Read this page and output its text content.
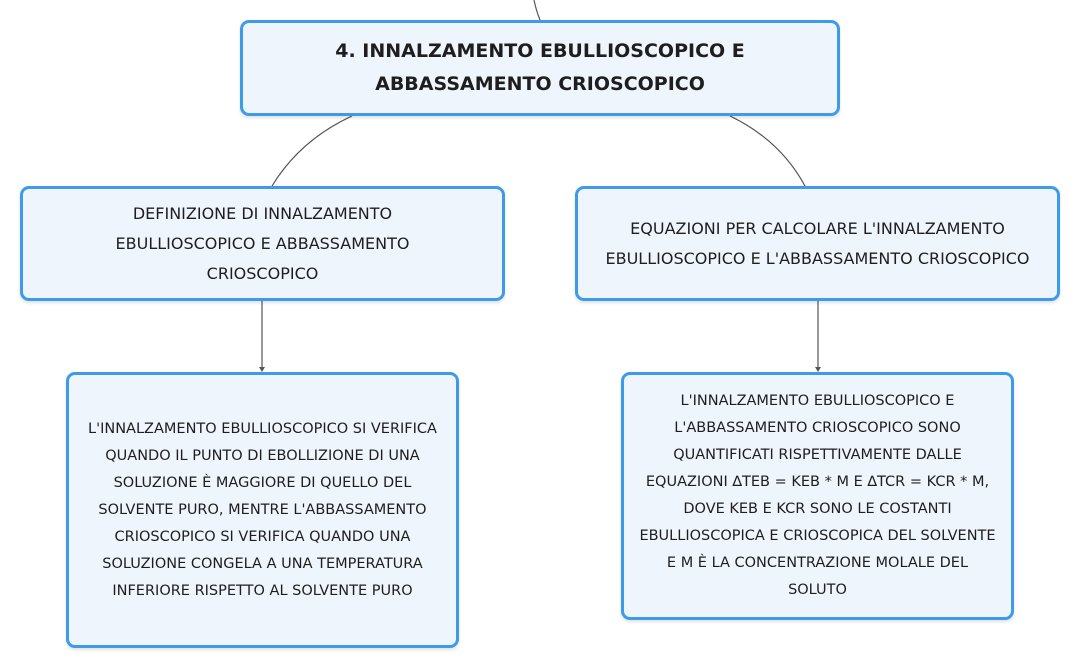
4. INNALZAMENTO EBULLIOSCOPICO E ABBASSAMENTO CRIOSCOPICO
DEFINIZIONE DI INNALZAMENTO EBULLIOSCOPICO E ABBASSAMENTO CRIOSCOPICO
EQUAZIONI PER CALCOLARE L'INNALZAMENTO EBULLIOSCOPICO E L'ABBASSAMENTO CRIOSCOPICO
L'INNALZAMENTO EBULLIOSCOPICO SI VERIFICA QUANDO IL PUNTO DI EBOLLIZIONE DI UNA SOLUZIONE È MAGGIORE DI QUELLO DEL SOLVENTE PURO, MENTRE L'ABBASSAMENTO CRIOSCOPICO SI VERIFICA QUANDO UNA SOLUZIONE CONGELA A UNA TEMPERATURA INFERIORE RISPETTO AL SOLVENTE PURO
L'INNALZAMENTO EBULLIOSCOPICO E L'ABBASSAMENTO CRIOSCOPICO SONO QUANTIFICATI RISPETTIVAMENTE DALLE EQUAZIONI ∆TEB = KEB * M E ∆TCR = KCR * M, DOVE KEB E KCR SONO LE COSTANTI EBULLIOSCOPICA E CRIOSCOPICA DEL SOLVENTE E M È LA CONCENTRAZIONE MOLALE DEL SOLUTO
